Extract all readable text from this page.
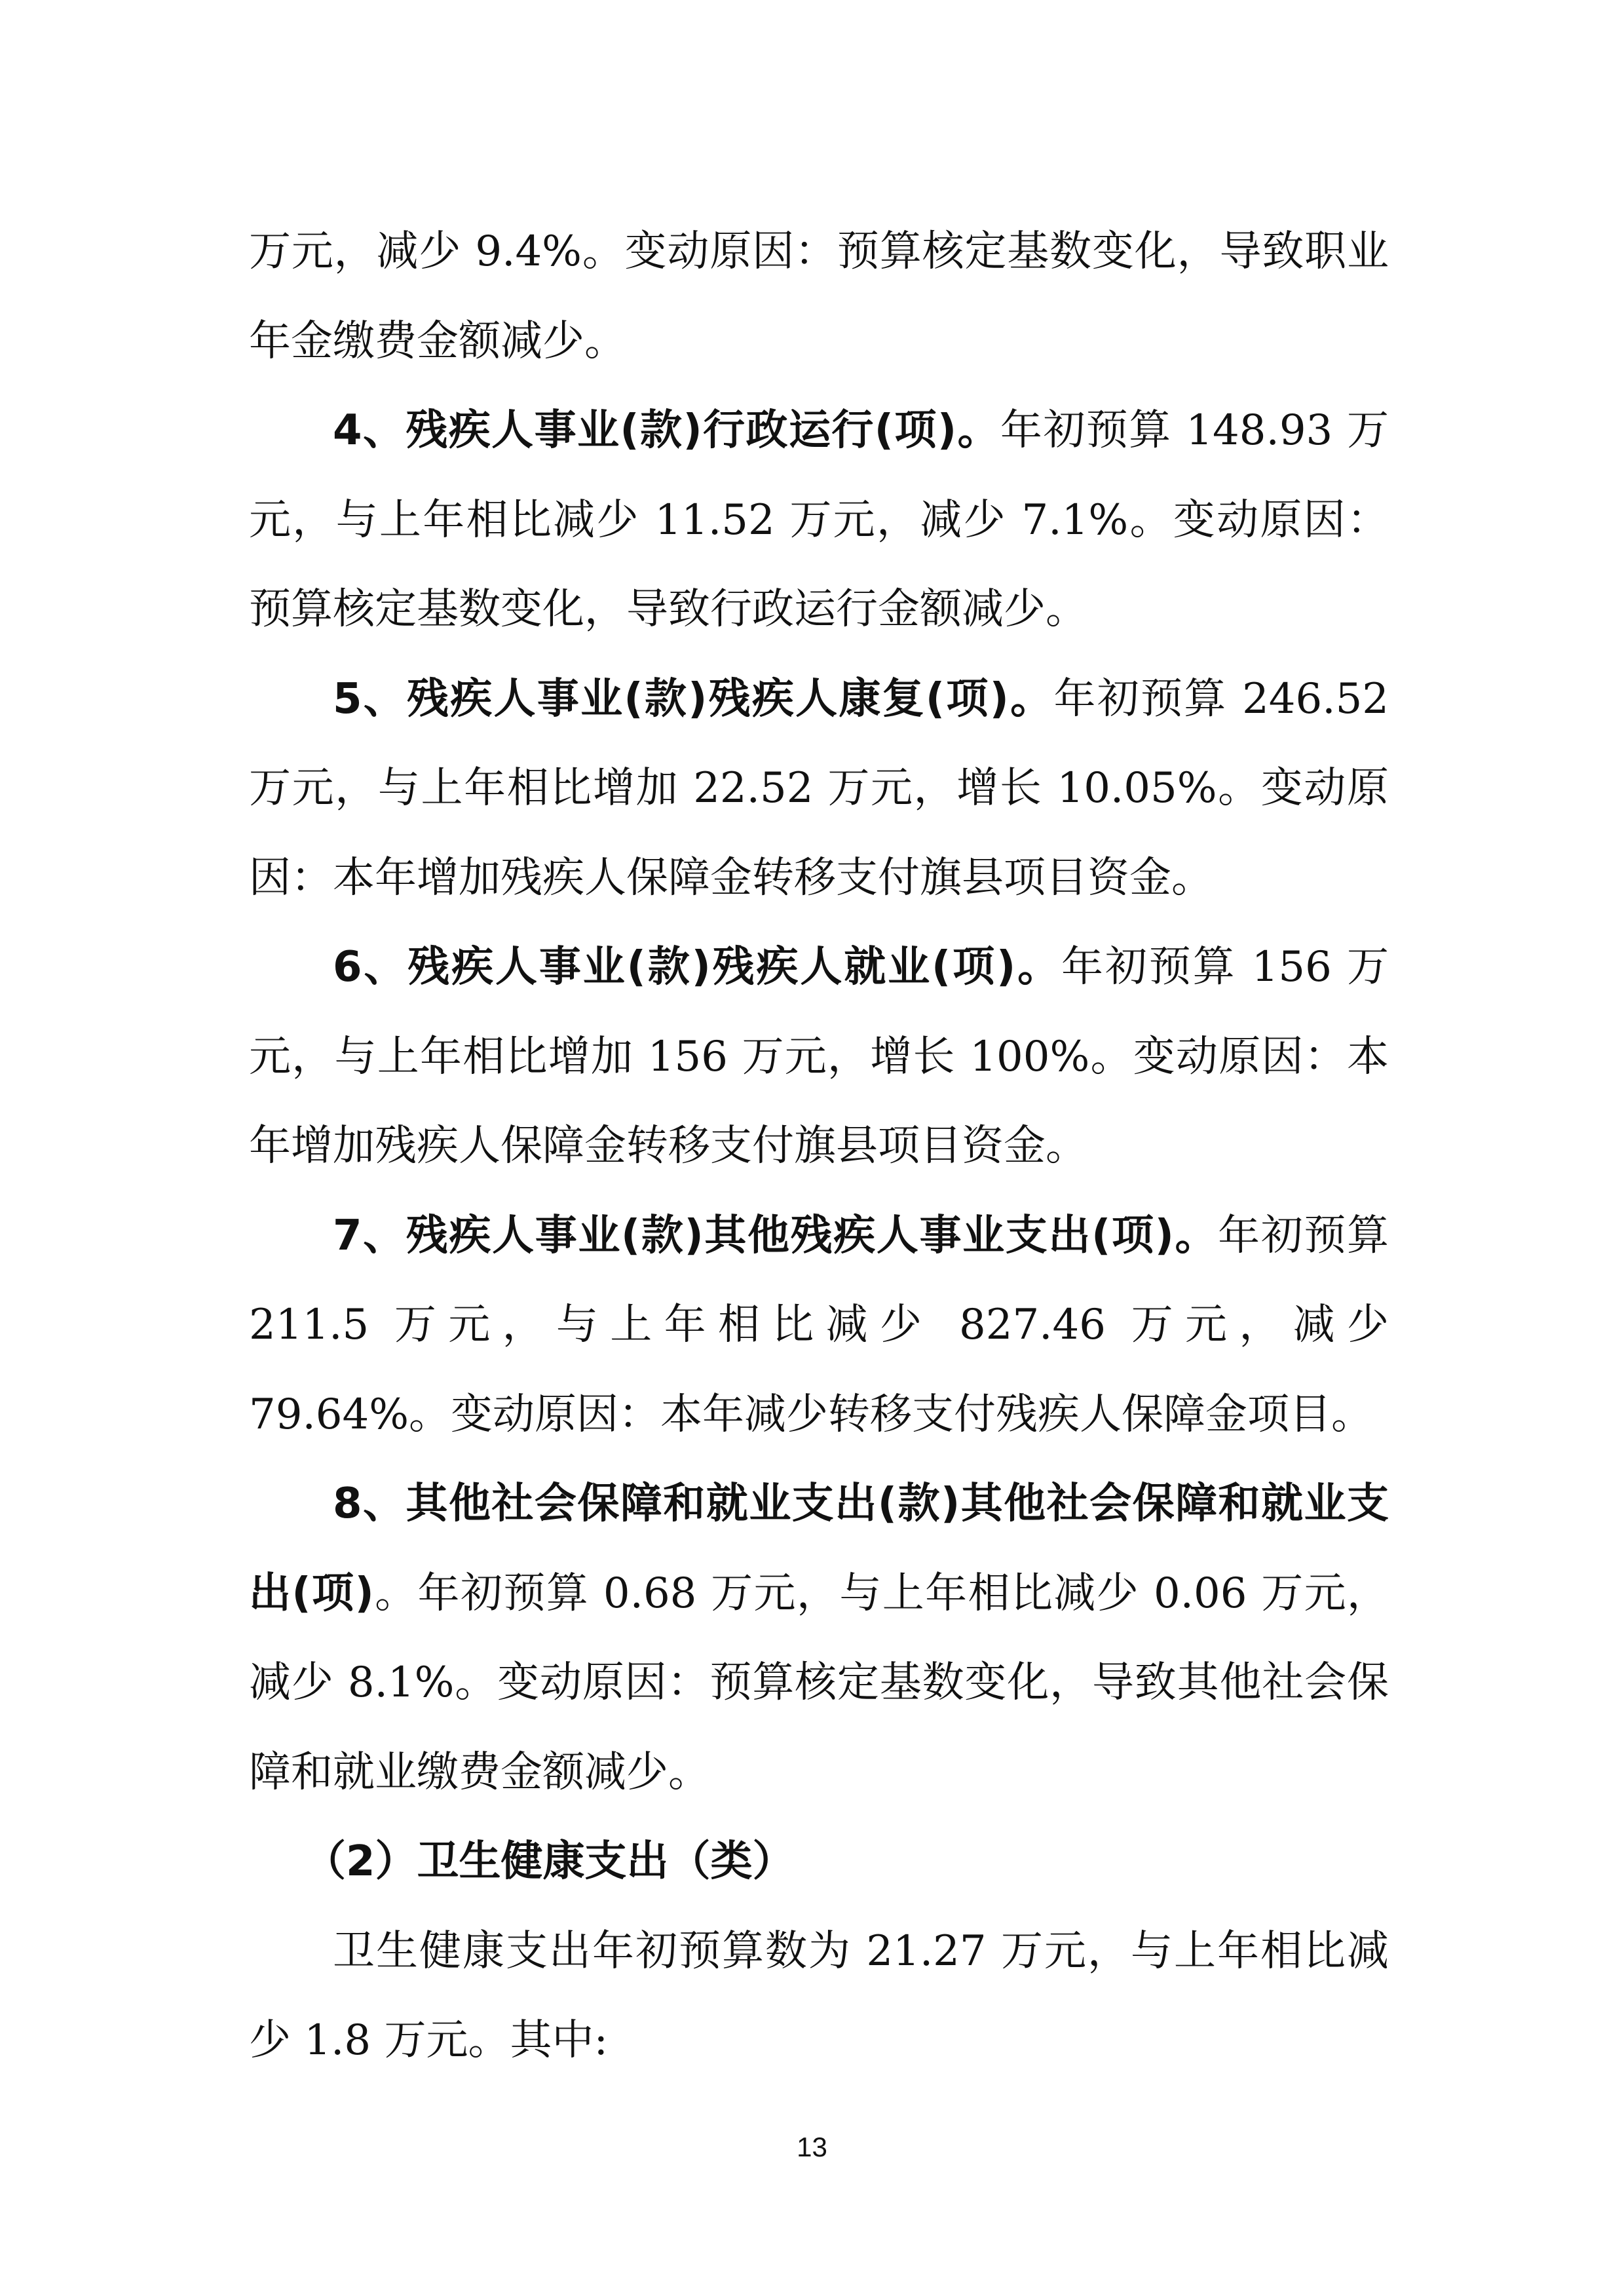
万元，减少 9.4%。变动原因：预算核定基数变化，导致职业年金缴费金额减少。

4、残疾人事业(款)行政运行(项)。年初预算 148.93 万元，与上年相比减少 11.52 万元，减少 7.1%。变动原因：预算核定基数变化，导致行政运行金额减少。

5、残疾人事业(款)残疾人康复(项)。年初预算 246.52 万元，与上年相比增加 22.52 万元，增长 10.05%。变动原因：本年增加残疾人保障金转移支付旗县项目资金。

6、残疾人事业(款)残疾人就业(项)。年初预算 156 万元，与上年相比增加 156 万元，增长 100%。变动原因：本年增加残疾人保障金转移支付旗县项目资金。

7、残疾人事业(款)其他残疾人事业支出(项)。年初预算 211.5 万元，与上年相比减少 827.46 万元，减少 79.64%。变动原因：本年减少转移支付残疾人保障金项目。

8、其他社会保障和就业支出(款)其他社会保障和就业支出(项)。年初预算 0.68 万元，与上年相比减少 0.06 万元，减少 8.1%。变动原因：预算核定基数变化，导致其他社会保障和就业缴费金额减少。

（2）卫生健康支出（类）

卫生健康支出年初预算数为 21.27 万元，与上年相比减少 1.8 万元。其中:

13
